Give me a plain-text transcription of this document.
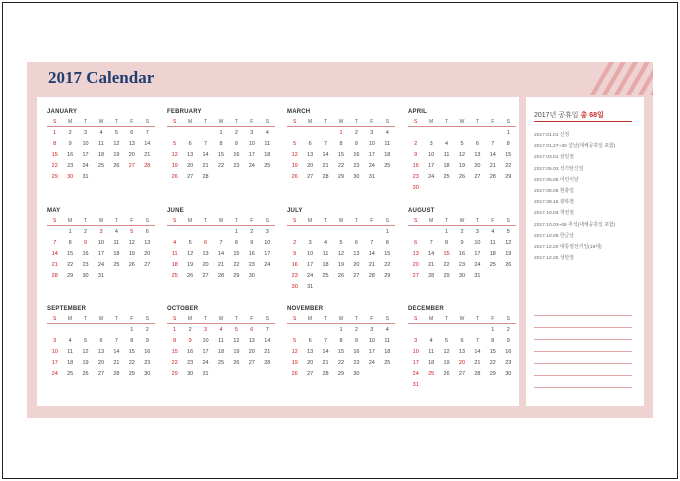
2017 Calendar

JANUARY

S	M	T	W	T	F	S
1	2	3	4	5	6	7
8	9	10	11	12	13	14
15	16	17	18	19	20	21
22	23	24	25	26	27	28
29	30	31				

FEBRUARY

S	M	T	W	T	F	S
			1	2	3	4
5	6	7	8	9	10	11
12	13	14	15	16	17	18
19	20	21	22	23	24	25
26	27	28				

MARCH

S	M	T	W	T	F	S
			1	2	3	4
5	6	7	8	9	10	11
12	13	14	15	16	17	18
19	20	21	22	23	24	25
26	27	28	29	30	31	

APRIL

S	M	T	W	T	F	S
						1
2	3	4	5	6	7	8
9	10	11	12	13	14	15
16	17	18	19	20	21	22
23	24	25	26	27	28	29
30						

MAY

S	M	T	W	T	F	S
	1	2	3	4	5	6
7	8	9	10	11	12	13
14	15	16	17	18	19	20
21	22	23	24	25	26	27
28	29	30	31			

JUNE

S	M	T	W	T	F	S
				1	2	3
4	5	6	7	8	9	10
11	12	13	14	15	16	17
18	19	20	21	22	23	24
25	26	27	28	29	30	

JULY

S	M	T	W	T	F	S
						1
2	3	4	5	6	7	8
9	10	11	12	13	14	15
16	17	18	19	20	21	22
23	24	25	26	27	28	29
30	31					

AUGUST

S	M	T	W	T	F	S
		1	2	3	4	5
6	7	8	9	10	11	12
13	14	15	16	17	18	19
20	21	22	23	24	25	26
27	28	29	30	31		

SEPTEMBER

S	M	T	W	T	F	S
					1	2
3	4	5	6	7	8	9
10	11	12	13	14	15	16
17	18	19	20	21	22	23
24	25	26	27	28	29	30

OCTOBER

S	M	T	W	T	F	S
1	2	3	4	5	6	7
8	9	10	11	12	13	14
15	16	17	18	19	20	21
22	23	24	25	26	27	28
29	30	31				

NOVEMBER

S	M	T	W	T	F	S
			1	2	3	4
5	6	7	8	9	10	11
12	13	14	15	16	17	18
19	20	21	22	23	24	25
26	27	28	29	30		

DECEMBER

S	M	T	W	T	F	S
					1	2
3	4	5	6	7	8	9
10	11	12	13	14	15	16
17	18	19	20	21	22	23
24	25	26	27	28	29	30
31						

2017년 공휴일 총 68일

2017.01.01 신정
2017.01.27~30 설날(대체공휴일 포함)
2017.03.01 삼일절
2017.05.03 석가탄신일
2017.05.05 어린이날
2017.06.06 현충일
2017.08.15 광복절
2017.10.03 개천절
2017.10.03~06 추석(대체공휴일 포함)
2017.10.09 한글날
2017.12.20 대통령선거일(19대)
2017.12.25 성탄절
